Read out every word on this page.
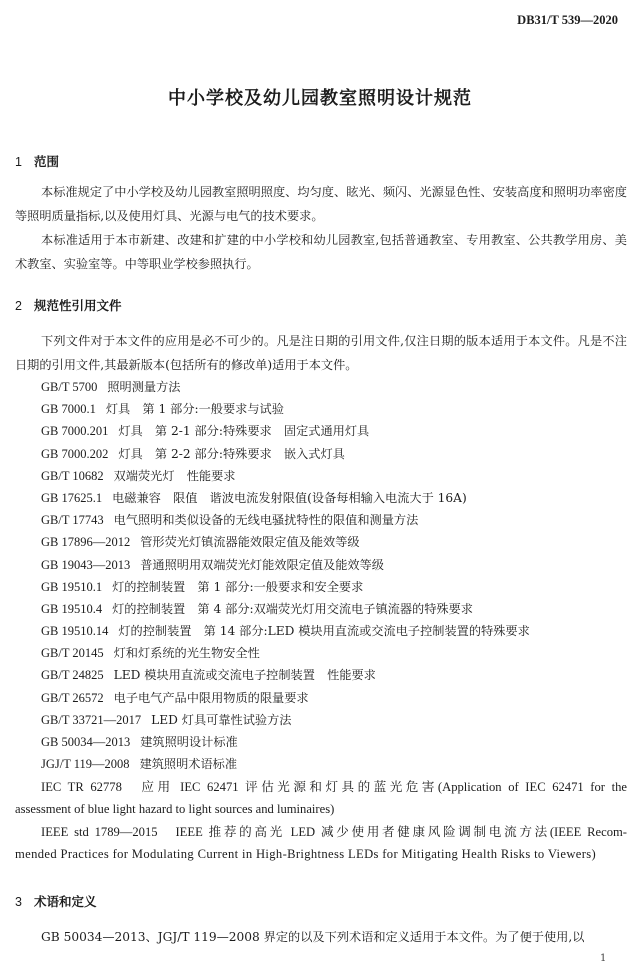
DB31/T 539—2020
中小学校及幼儿园教室照明设计规范
1 范围

本标准规定了中小学校及幼儿园教室照明照度、均匀度、眩光、频闪、光源显色性、安装高度和照明功率密度等照明质量指标,以及使用灯具、光源与电气的技术要求。

本标准适用于本市新建、改建和扩建的中小学校和幼儿园教室,包括普通教室、专用教室、公共教学用房、美术教室、实验室等。中等职业学校参照执行。

2 规范性引用文件

下列文件对于本文件的应用是必不可少的。凡是注日期的引用文件,仅注日期的版本适用于本文件。凡是不注日期的引用文件,其最新版本(包括所有的修改单)适用于本文件。

GB/T 5700 照明测量方法
GB 7000.1 灯具　第 1 部分:一般要求与试验
GB 7000.201 灯具　第 2-1 部分:特殊要求　固定式通用灯具
GB 7000.202 灯具　第 2-2 部分:特殊要求　嵌入式灯具
GB/T 10682 双端荧光灯　性能要求
GB 17625.1 电磁兼容　限值　谐波电流发射限值(设备每相输入电流大于 16A)
GB/T 17743 电气照明和类似设备的无线电骚扰特性的限值和测量方法
GB 17896—2012 管形荧光灯镇流器能效限定值及能效等级
GB 19043—2013 普通照明用双端荧光灯能效限定值及能效等级
GB 19510.1 灯的控制装置　第 1 部分:一般要求和安全要求
GB 19510.4 灯的控制装置　第 4 部分:双端荧光灯用交流电子镇流器的特殊要求
GB 19510.14 灯的控制装置　第 14 部分:LED 模块用直流或交流电子控制装置的特殊要求
GB/T 20145 灯和灯系统的光生物安全性
GB/T 24825 LED 模块用直流或交流电子控制装置　性能要求
GB/T 26572 电子电气产品中限用物质的限量要求
GB/T 33721—2017 LED 灯具可靠性试验方法
GB 50034—2013 建筑照明设计标准
JGJ/T 119—2008 建筑照明术语标准
IEC TR 62778　应用 IEC 62471 评估光源和灯具的蓝光危害(Application of IEC 62471 for the
assessment of blue light hazard to light sources and luminaires)
IEEE std 1789—2015　IEEE 推荐的高光 LED 减少使用者健康风险调制电流方法(IEEE Recom-
mended Practices for Modulating Current in High-Brightness LEDs for Mitigating Health Risks to Viewers)
3 术语和定义

GB 50034—2013、JGJ/T 119—2008 界定的以及下列术语和定义适用于本文件。为了便于使用,以

1
